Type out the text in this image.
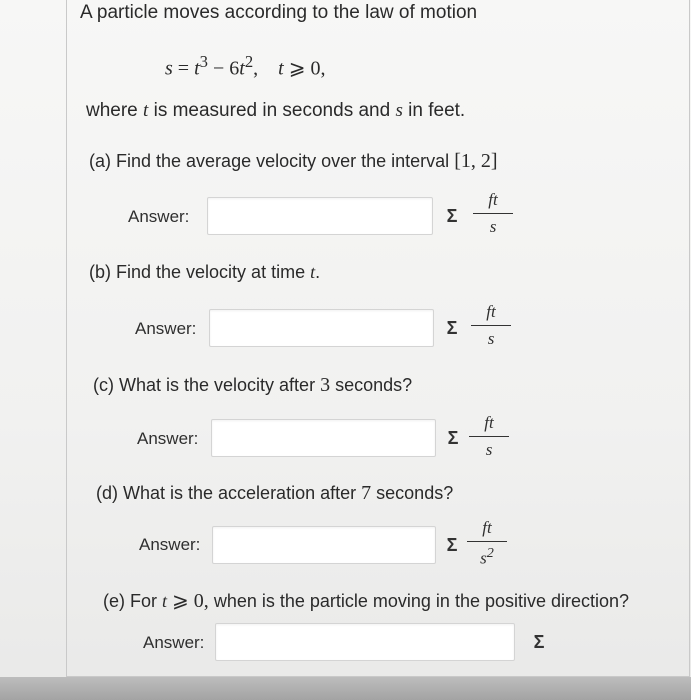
A particle moves according to the law of motion
$s = t^3 - 6t^2$, t ⩾ 0,
where t is measured in seconds and s in feet.
(a) Find the average velocity over the interval [1, 2]
Answer:	Σ $\frac{ft}{s}$
(b) Find the velocity at time t.
Answer:	Σ $\frac{ft}{s}$
(c) What is the velocity after 3 seconds?
Answer:	Σ $\frac{ft}{s}$
(d) What is the acceleration after 7 seconds?
Answer:	Σ $\frac{ft}{s^2}$
(e) For t ⩾ 0, when is the particle moving in the positive direction?
Answer:	Σ
